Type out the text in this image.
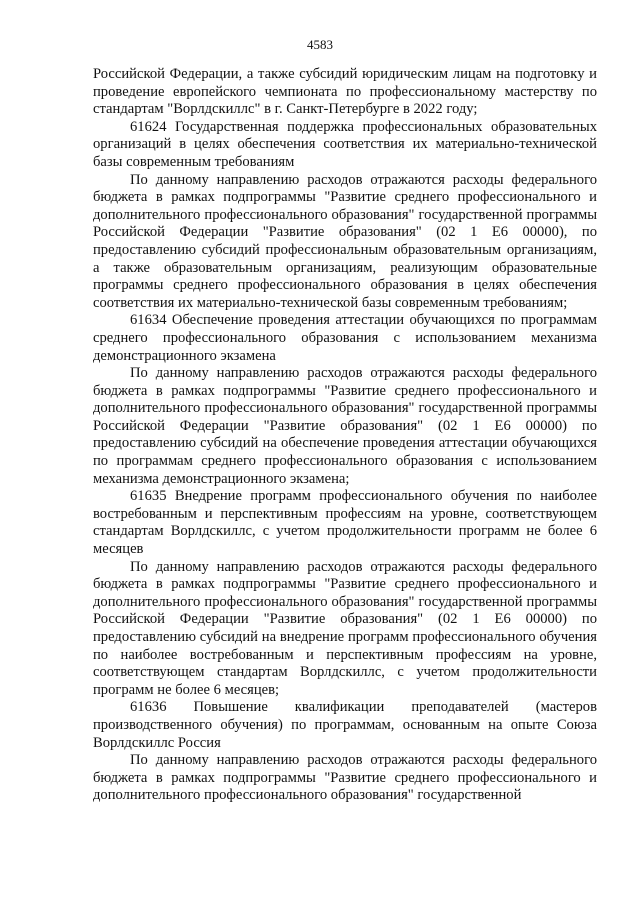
4583

Российской Федерации, а также субсидий юридическим лицам на подготовку и проведение европейского чемпионата по профессиональному мастерству по стандартам "Ворлдскиллс" в г. Санкт-Петербурге в 2022 году;

61624 Государственная поддержка профессиональных образовательных организаций в целях обеспечения соответствия их материально-технической базы современным требованиям

По данному направлению расходов отражаются расходы федерального бюджета в рамках подпрограммы "Развитие среднего профессионального и дополнительного профессионального образования" государственной программы Российской Федерации "Развитие образования" (02 1 Е6 00000), по предоставлению субсидий профессиональным образовательным организациям, а также образовательным организациям, реализующим образовательные программы среднего профессионального образования в целях обеспечения соответствия их материально-технической базы современным требованиям;

61634 Обеспечение проведения аттестации обучающихся по программам среднего профессионального образования с использованием механизма демонстрационного экзамена

По данному направлению расходов отражаются расходы федерального бюджета в рамках подпрограммы "Развитие среднего профессионального и дополнительного профессионального образования" государственной программы Российской Федерации "Развитие образования" (02 1 Е6 00000) по предоставлению субсидий на обеспечение проведения аттестации обучающихся по программам среднего профессионального образования с использованием механизма демонстрационного экзамена;

61635 Внедрение программ профессионального обучения по наиболее востребованным и перспективным профессиям на уровне, соответствующем стандартам Ворлдскиллс, с учетом продолжительности программ не более 6 месяцев

По данному направлению расходов отражаются расходы федерального бюджета в рамках подпрограммы "Развитие среднего профессионального и дополнительного профессионального образования" государственной программы Российской Федерации "Развитие образования" (02 1 Е6 00000) по предоставлению субсидий на внедрение программ профессионального обучения по наиболее востребованным и перспективным профессиям на уровне, соответствующем стандартам Ворлдскиллс, с учетом продолжительности программ не более 6 месяцев;

61636 Повышение квалификации преподавателей (мастеров производственного обучения) по программам, основанным на опыте Союза Ворлдскиллс Россия

По данному направлению расходов отражаются расходы федерального бюджета в рамках подпрограммы "Развитие среднего профессионального и дополнительного профессионального образования" государственной
